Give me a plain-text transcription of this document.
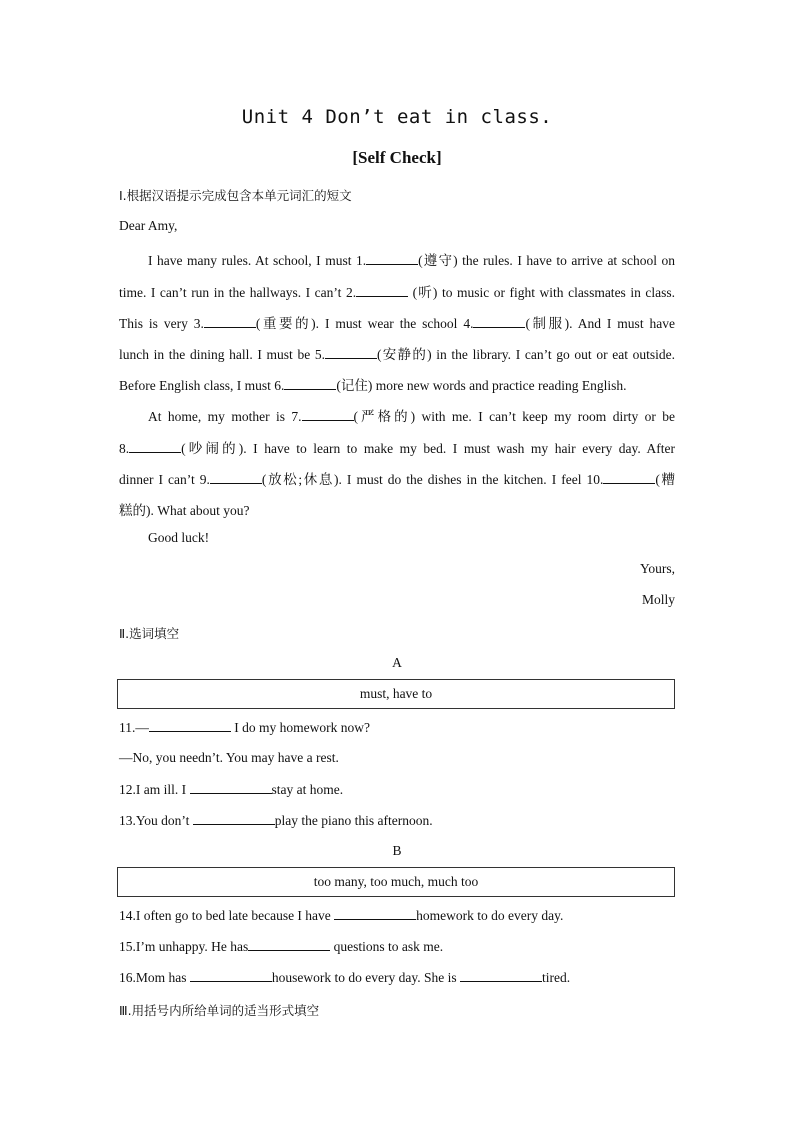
Unit 4 Don’t eat in class.
[Self Check]
Ⅰ.根据汉语提示完成包含本单元词汇的短文
Dear Amy,
I have many rules. At school, I must 1.	(遵守) the rules. I have to arrive at school on
time. I can’t run in the hallways. I can’t 2.	(听) to music or fight with classmates in class.
This is very 3.	(重要的). I must wear the school 4.	(制服). And I must have
lunch in the dining hall. I must be 5.	(安静的) in the library. I can’t go out or eat outside.
Before English class, I must 6.	(记住) more new words and practice reading English.
At home, my mother is 7.	(严格的) with me. I can’t keep my room dirty or be
8.	(吵闹的). I have to learn to make my bed. I must wash my hair every day. After
dinner I can’t 9.	(放松;休息). I must do the dishes in the kitchen. I feel 10.	(糟
糕的). What about you?
Good luck!
Yours,
Molly
Ⅱ.选词填空
A
must, have to
11.—	I do my homework now?
—No, you needn’t. You may have a rest.
12.I am ill. I	stay at home.
13.You don’t	play the piano this afternoon.
B
too many, too much, much too
14.I often go to bed late because I have	homework to do every day.
15.I’m unhappy. He has	questions to ask me.
16.Mom has	housework to do every day. She is	tired.
Ⅲ.用括号内所给单词的适当形式填空
